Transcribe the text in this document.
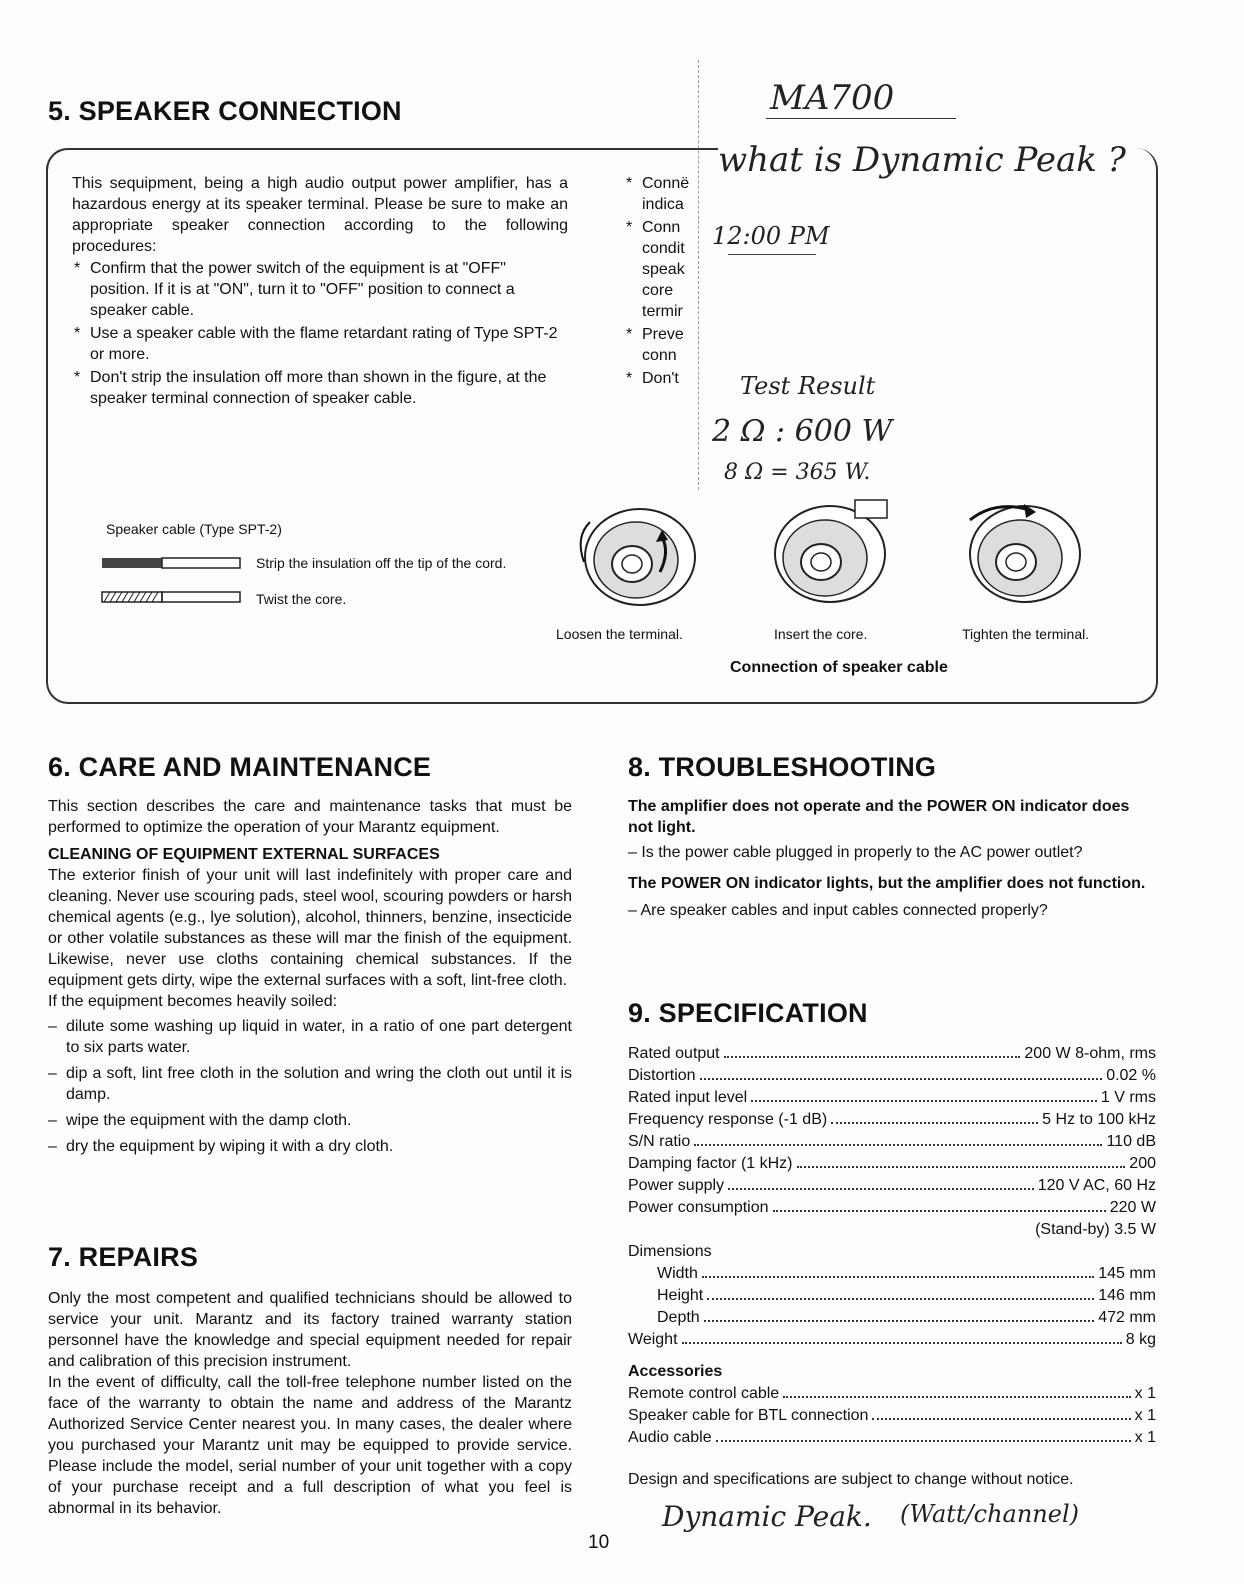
5. SPEAKER CONNECTION

This sequipment, being a high audio output power amplifier, has a hazardous energy at its speaker terminal. Please be sure to make an appropriate speaker connection according to the following procedures:

* Confirm that the power switch of the equipment is at "OFF" position. If it is at "ON", turn it to "OFF" position to connect a speaker cable.
* Use a speaker cable with the flame retardant rating of Type SPT-2 or more.
* Don't strip the insulation off more than shown in the figure, at the speaker terminal connection of speaker cable.
* Connё
indica
* Conn
condit
speak
core
termir
* Preve
conn
* Don't
MA700
what is Dynamic Peak ?
12:00 PM
Test Result
2 Ω : 600 W
8 Ω = 365 W.
Speaker cable (Type SPT-2)
Strip the insulation off the tip of the cord.
Twist the core.
Loosen the terminal.	Insert the core.	Tighten the terminal.
Connection of speaker cable
6. CARE AND MAINTENANCE

This section describes the care and maintenance tasks that must be performed to optimize the operation of your Marantz equipment.

CLEANING OF EQUIPMENT EXTERNAL SURFACES

The exterior finish of your unit will last indefinitely with proper care and cleaning. Never use scouring pads, steel wool, scouring powders or harsh chemical agents (e.g., lye solution), alcohol, thinners, benzine, insecticide or other volatile substances as these will mar the finish of the equipment. Likewise, never use cloths containing chemical substances. If the equipment gets dirty, wipe the external surfaces with a soft, lint-free cloth.

If the equipment becomes heavily soiled:

– dilute some washing up liquid in water, in a ratio of one part detergent to six parts water.
– dip a soft, lint free cloth in the solution and wring the cloth out until it is damp.
– wipe the equipment with the damp cloth.
– dry the equipment by wiping it with a dry cloth.
7. REPAIRS

Only the most competent and qualified technicians should be allowed to service your unit. Marantz and its factory trained warranty station personnel have the knowledge and special equipment needed for repair and calibration of this precision instrument.

In the event of difficulty, call the toll-free telephone number listed on the face of the warranty to obtain the name and address of the Marantz Authorized Service Center nearest you. In many cases, the dealer where you purchased your Marantz unit may be equipped to provide service. Please include the model, serial number of your unit together with a copy of your purchase receipt and a full description of what you feel is abnormal in its behavior.

8. TROUBLESHOOTING

The amplifier does not operate and the POWER ON indicator does not light.

– Is the power cable plugged in properly to the AC power outlet?

The POWER ON indicator lights, but the amplifier does not function.

– Are speaker cables and input cables connected properly?

9. SPECIFICATION
Rated output	200 W 8-ohm, rms
Distortion	0.02 %
Rated input level	1 V rms
Frequency response (-1 dB)	5 Hz to 100 kHz
S/N ratio	110 dB
Damping factor (1 kHz)	200
Power supply	120 V AC, 60 Hz
Power consumption	220 W
(Stand-by) 3.5 W
Dimensions
Width	145 mm
Height	146 mm
Depth	472 mm
Weight	8 kg
Accessories
Remote control cable	x 1
Speaker cable for BTL connection	x 1
Audio cable	x 1
Design and specifications are subject to change without notice.
Dynamic Peak. (Watt/channel)
10
